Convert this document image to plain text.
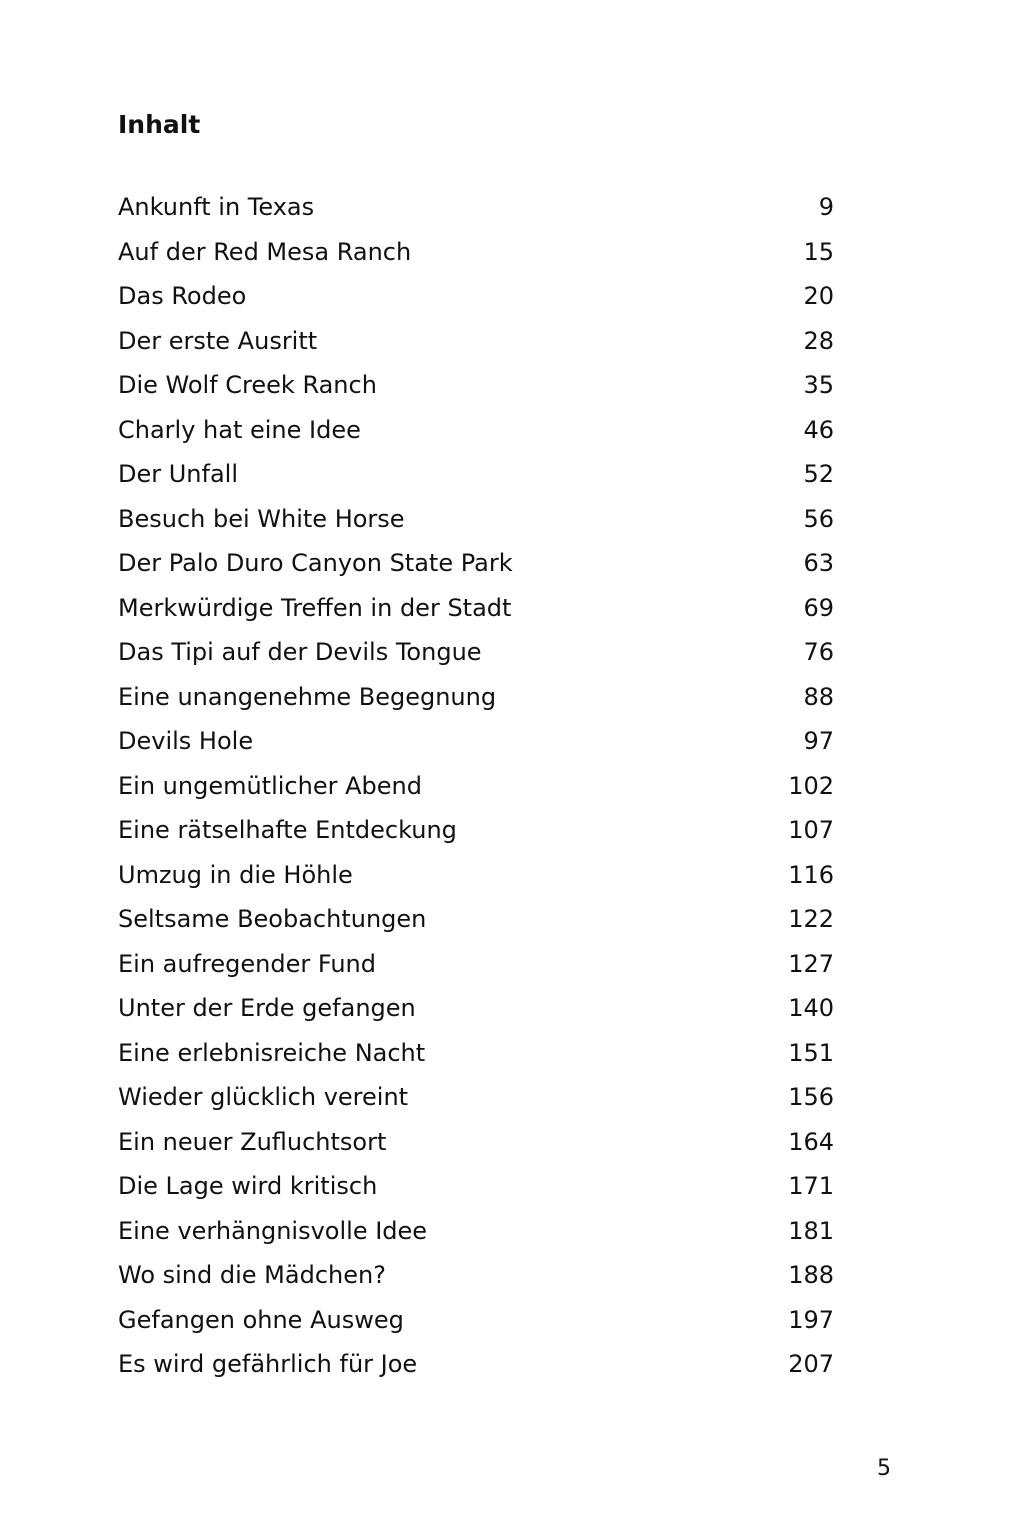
Inhalt
Ankunft in Texas	9
Auf der Red Mesa Ranch	15
Das Rodeo	20
Der erste Ausritt	28
Die Wolf Creek Ranch	35
Charly hat eine Idee	46
Der Unfall	52
Besuch bei White Horse	56
Der Palo Duro Canyon State Park	63
Merkwürdige Treffen in der Stadt	69
Das Tipi auf der Devils Tongue	76
Eine unangenehme Begegnung	88
Devils Hole	97
Ein ungemütlicher Abend	102
Eine rätselhafte Entdeckung	107
Umzug in die Höhle	116
Seltsame Beobachtungen	122
Ein aufregender Fund	127
Unter der Erde gefangen	140
Eine erlebnisreiche Nacht	151
Wieder glücklich vereint	156
Ein neuer Zufluchtsort	164
Die Lage wird kritisch	171
Eine verhängnisvolle Idee	181
Wo sind die Mädchen?	188
Gefangen ohne Ausweg	197
Es wird gefährlich für Joe	207
5
